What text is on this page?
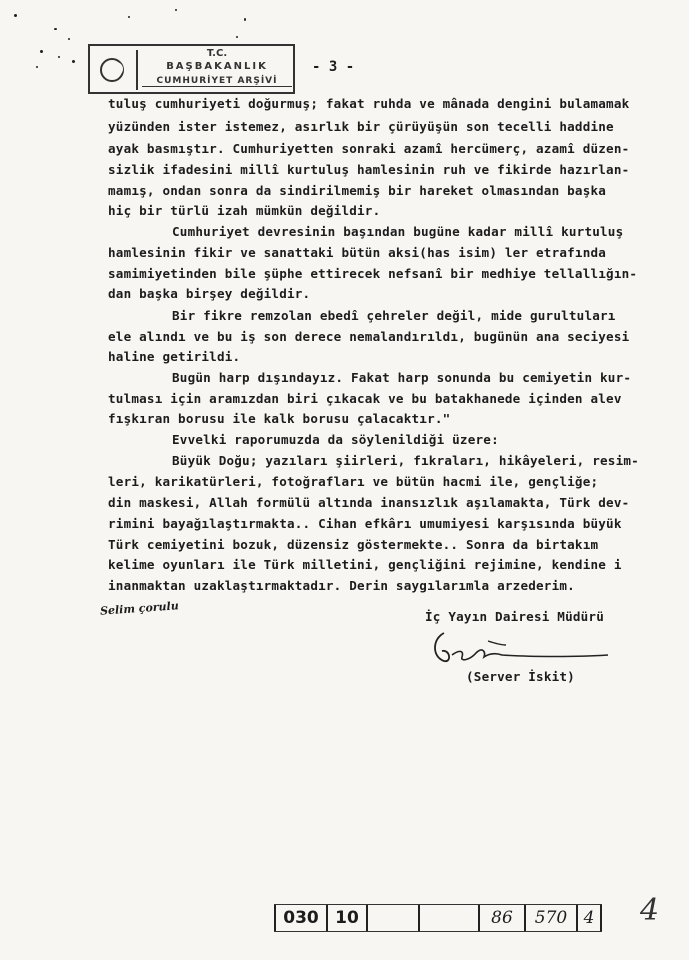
T.C.
BAŞBAKANLIK
CUMHURİYET ARŞİVİ
- 3 -
tuluş cumhuriyeti doğurmuş; fakat ruhda ve mânada dengini bulamamak
yüzünden ister istemez, asırlık bir çürüyüşün son tecelli haddine
ayak basmıştır. Cumhuriyetten sonraki azamî hercümerç, azamî düzen-
sizlik ifadesini millî kurtuluş hamlesinin ruh ve fikirde hazırlan-
mamış, ondan sonra da sindirilmemiş bir hareket olmasından başka
hiç bir türlü izah mümkün değildir.
Cumhuriyet devresinin başından bugüne kadar millî kurtuluş
hamlesinin fikir ve sanattaki bütün aksi(has isim) ler etrafında
samimiyetinden bile şüphe ettirecek nefsanî bir medhiye tellallığın-
dan başka birşey değildir.
Bir fikre remzolan ebedî çehreler değil, mide gurultuları
ele alındı ve bu iş son derece nemalandırıldı, bugünün ana seciyesi
haline getirildi.
Bugün harp dışındayız. Fakat harp sonunda bu cemiyetin kur-
tulması için aramızdan biri çıkacak ve bu batakhanede içinden alev
fışkıran borusu ile kalk borusu çalacaktır."
Evvelki raporumuzda da söylenildiği üzere:
Büyük Doğu; yazıları şiirleri, fıkraları, hikâyeleri, resim-
leri, karikatürleri, fotoğrafları ve bütün hacmi ile, gençliğe;
din maskesi, Allah formülü altında inansızlık aşılamakta, Türk dev-
rimini bayağılaştırmakta.. Cihan efkârı umumiyesi karşısında büyük
Türk cemiyetini bozuk, düzensiz göstermekte.. Sonra da birtakım
kelime oyunları ile Türk milletini, gençliğini rejimine, kendine i
inanmaktan uzaklaştırmaktadır. Derin saygılarımla arzederim.
Selim çorulu	İç Yayın Dairesi Müdürü
(Server İskit)
4
030 10	86	570 4
